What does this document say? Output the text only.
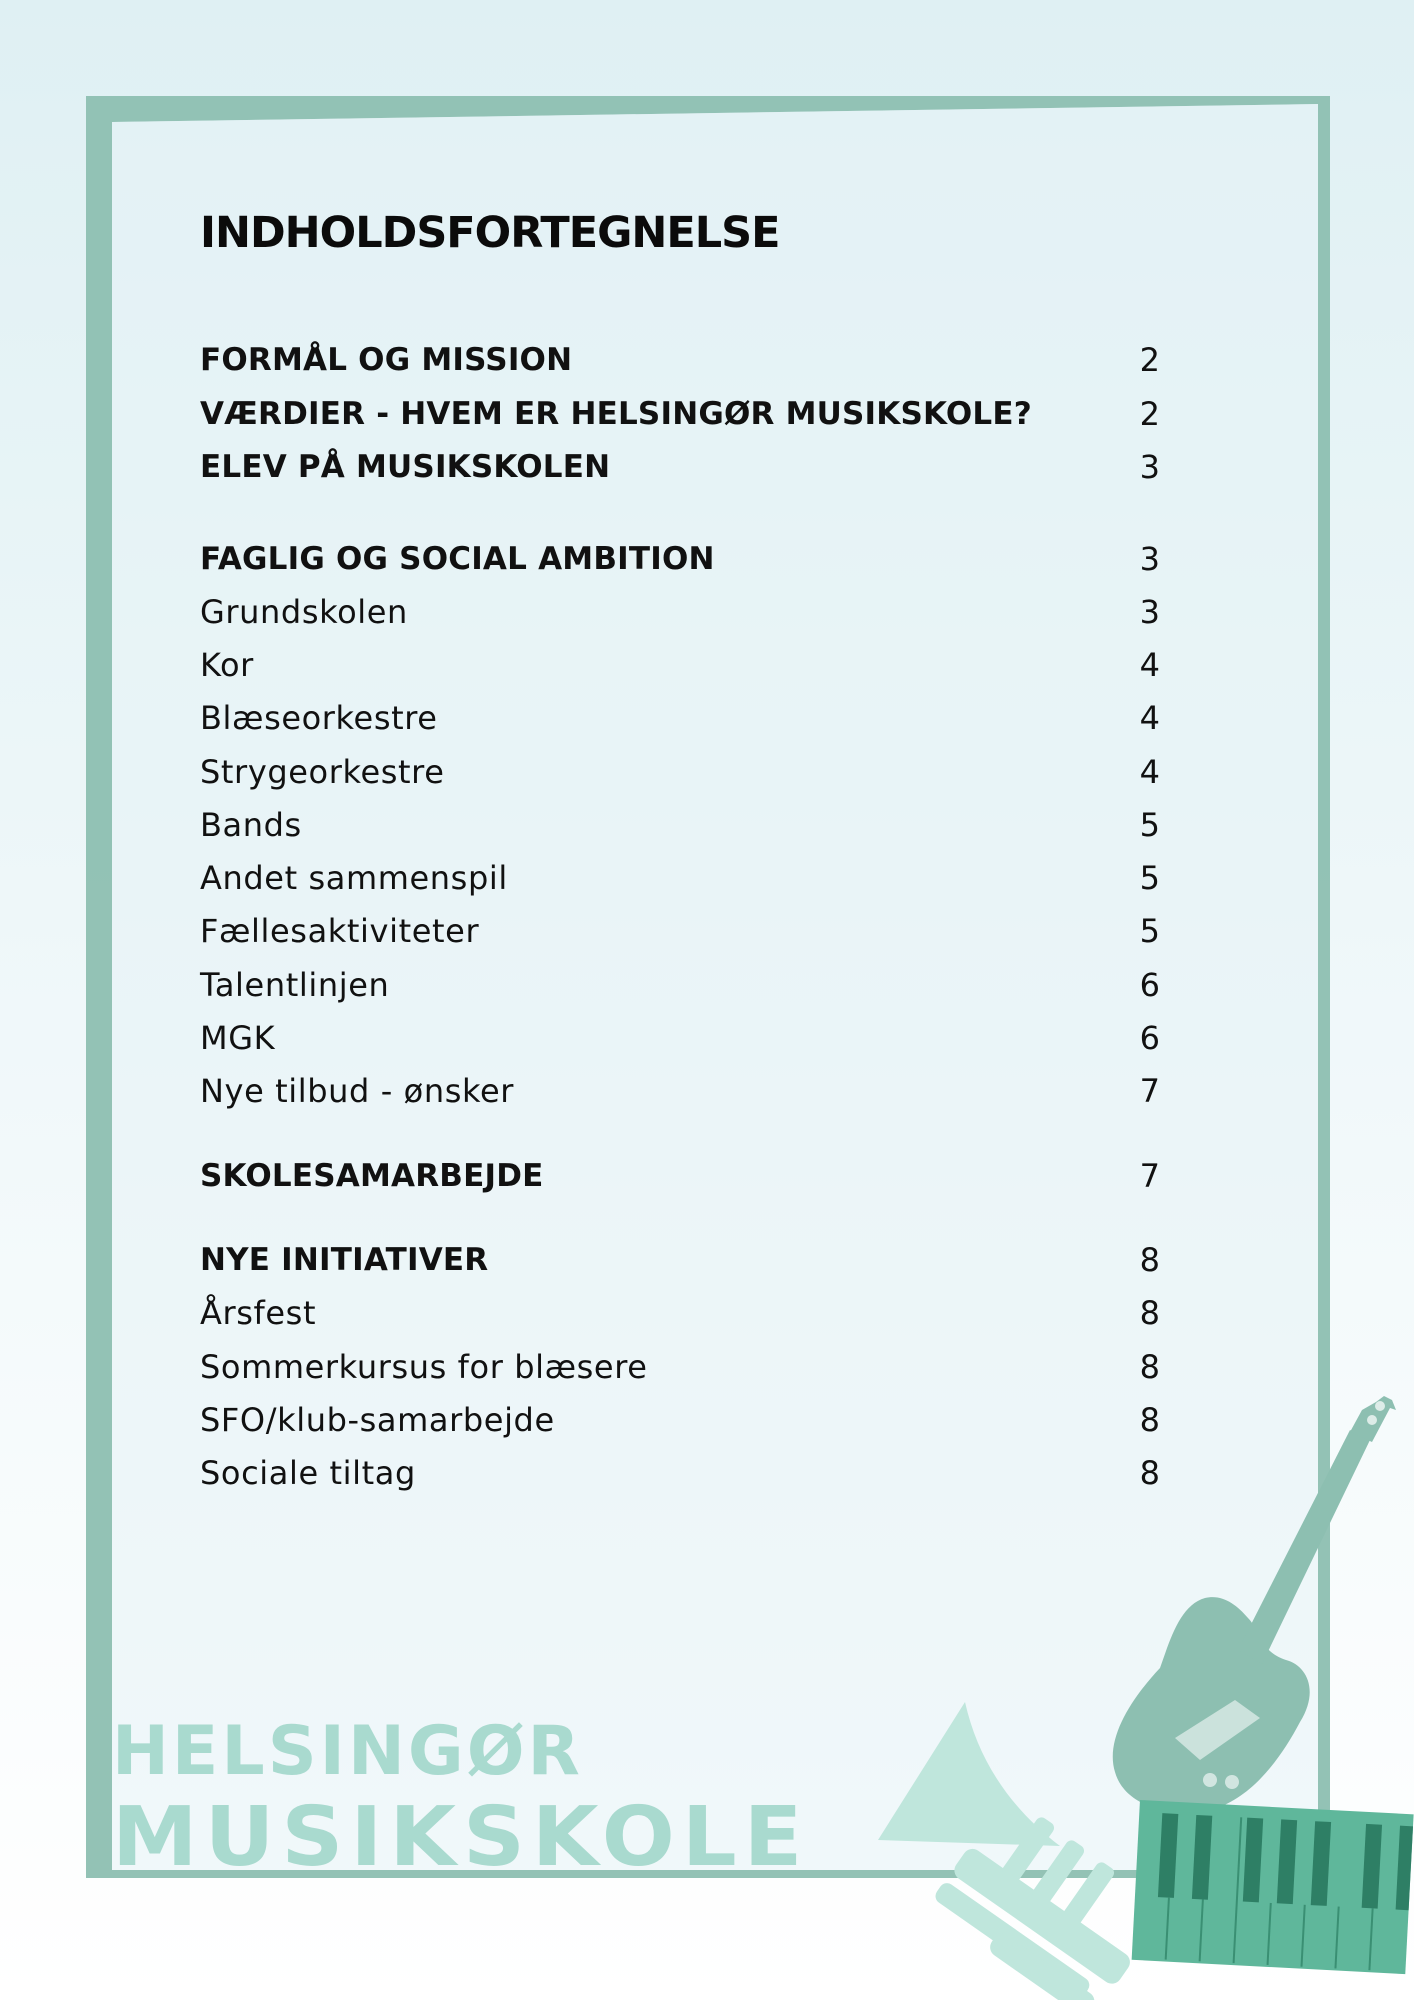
INDHOLDSFORTEGNELSE
FORMÅL OG MISSION	2
VÆRDIER - HVEM ER HELSINGØR MUSIKSKOLE?	2
ELEV PÅ MUSIKSKOLEN	3
FAGLIG OG SOCIAL AMBITION	3
Grundskolen	3
Kor	4
Blæseorkestre	4
Strygeorkestre	4
Bands	5
Andet sammenspil	5
Fællesaktiviteter	5
Talentlinjen	6
MGK	6
Nye tilbud - ønsker	7
SKOLESAMARBEJDE	7
NYE INITIATIVER	8
Årsfest	8
Sommerkursus for blæsere	8
SFO/klub-samarbejde	8
Sociale tiltag	8
HELSINGØR
MUSIKSKOLE
